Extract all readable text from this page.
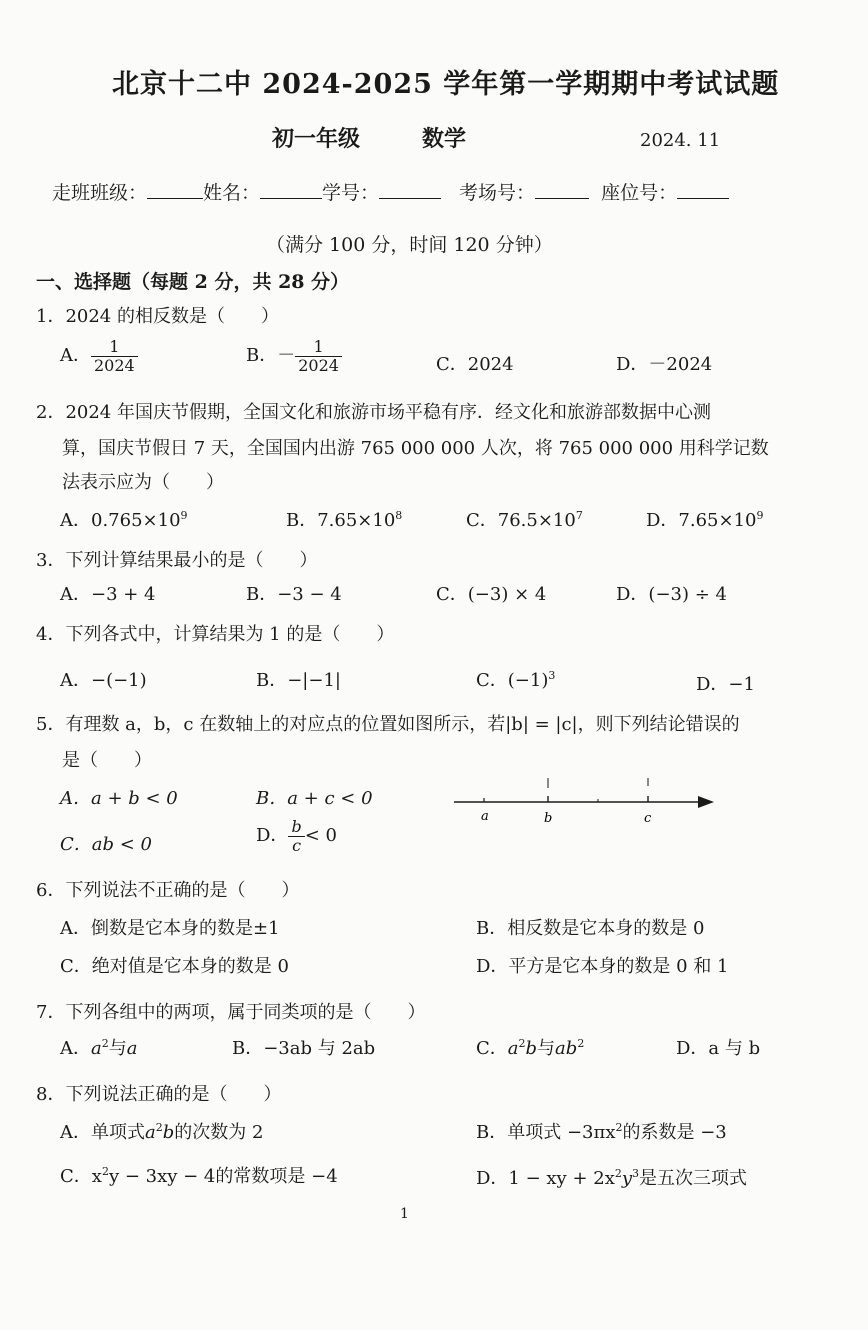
北京十二中 2024-2025 学年第一学期期中考试试题
初一年级	数学	2024. 11
走班班级：	姓名：	学号：	考场号：	座位号：
（满分 100 分，时间 120 分钟）
一、选择题（每题 2 分，共 28 分）
1．2024 的相反数是（　　）
A． $\frac{1}{2024}$	B．－ $\frac{1}{2024}$	C．2024	D．－2024
2．2024 年国庆节假期，全国文化和旅游市场平稳有序．经文化和旅游部数据中心测
算，国庆节假日 7 天，全国国内出游 765 000 000 人次，将 765 000 000 用科学记数
法表示应为（　　）
A．$0.765\times 10^9$	B．$7.65\times 10^8$	C．$76.5\times 10^7$	D．$7.65\times 10^9$
3．下列计算结果最小的是（　　）
A．−3 + 4	B．−3 − 4	C．(−3) × 4	D．(−3) ÷ 4
4．下列各式中，计算结果为 1 的是（　　）
A．−(−1)	B．−|−1|	C．$(-1)^3$	D．−1
5．有理数 a，b，c 在数轴上的对应点的位置如图所示，若|b| = |c|，则下列结论错误的
是（　　）
A．a + b < 0	B．a + c < 0
C．ab < 0	D． $\frac{b}{c} < 0$
a	b	c
6．下列说法不正确的是（　　）
A．倒数是它本身的数是±1	B．相反数是它本身的数是 0
C．绝对值是它本身的数是 0	D．平方是它本身的数是 0 和 1
7．下列各组中的两项，属于同类项的是（　　）
A．$a^2$与a	B．−3ab 与 2ab	C．$a^2b$与$ab^2$	D．a 与 b
8．下列说法正确的是（　　）
A．单项式$a^2b$的次数为 2	B．单项式 $-3\pi x^2$的系数是 −3
C．$x^2y - 3xy - 4$的常数项是 −4	D．1 − xy + $2x^2y^3$是五次三项式
1
